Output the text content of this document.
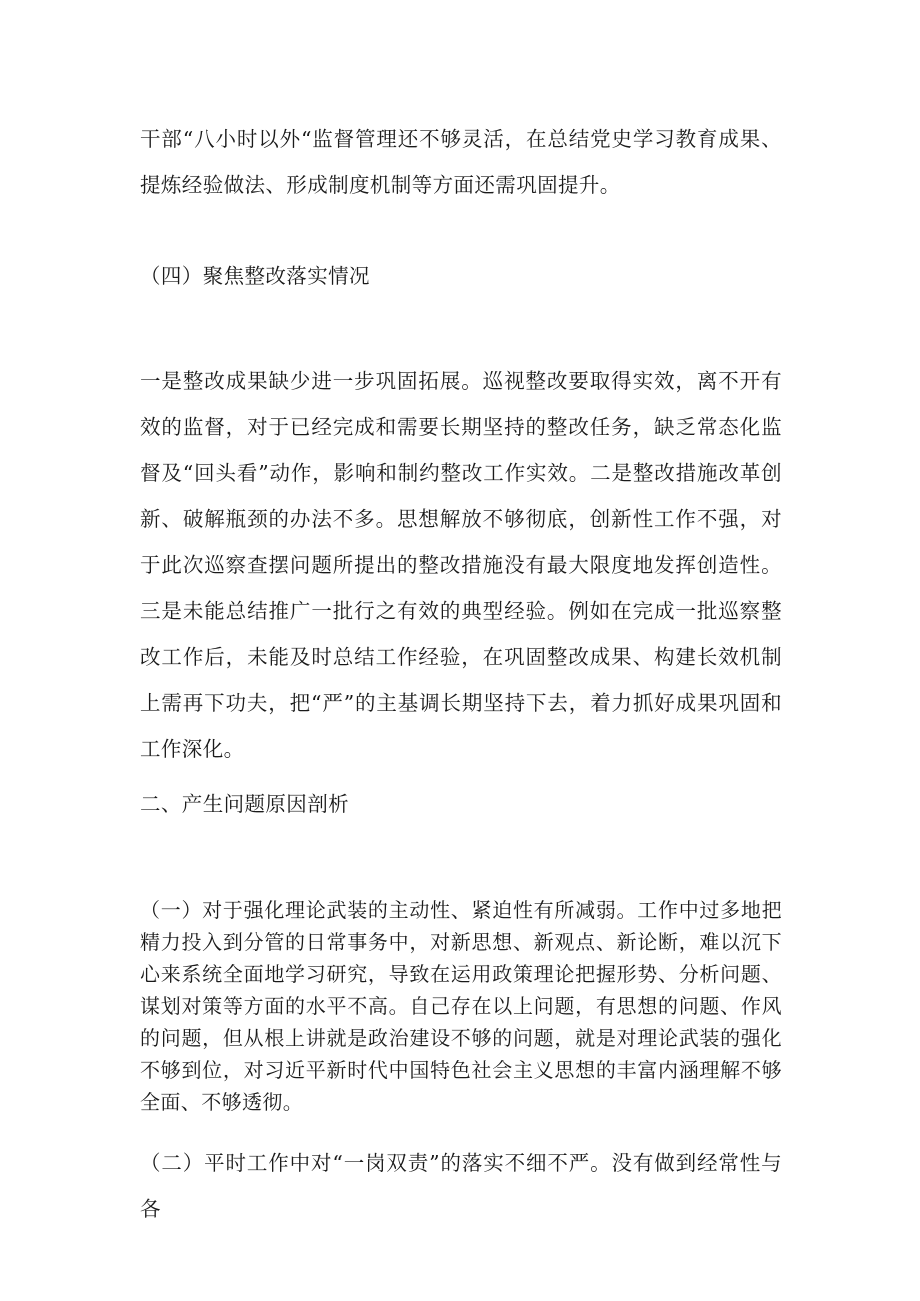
干部“八小时以外“监督管理还不够灵活，在总结党史学习教育成果、提炼经验做法、形成制度机制等方面还需巩固提升。

（四）聚焦整改落实情况

一是整改成果缺少进一步巩固拓展。巡视整改要取得实效，离不开有效的监督，对于已经完成和需要长期坚持的整改任务，缺乏常态化监督及“回头看”动作，影响和制约整改工作实效。二是整改措施改革创新、破解瓶颈的办法不多。思想解放不够彻底，创新性工作不强，对于此次巡察查摆问题所提出的整改措施没有最大限度地发挥创造性。三是未能总结推广一批行之有效的典型经验。例如在完成一批巡察整改工作后，未能及时总结工作经验，在巩固整改成果、构建长效机制上需再下功夫，把“严”的主基调长期坚持下去，着力抓好成果巩固和工作深化。

二、产生问题原因剖析

（一）对于强化理论武装的主动性、紧迫性有所减弱。工作中过多地把精力投入到分管的日常事务中，对新思想、新观点、新论断，难以沉下心来系统全面地学习研究，导致在运用政策理论把握形势、分析问题、谋划对策等方面的水平不高。自己存在以上问题，有思想的问题、作风的问题，但从根上讲就是政治建设不够的问题，就是对理论武装的强化不够到位，对习近平新时代中国特色社会主义思想的丰富内涵理解不够全面、不够透彻。

（二）平时工作中对“一岗双责”的落实不细不严。没有做到经常性与各
